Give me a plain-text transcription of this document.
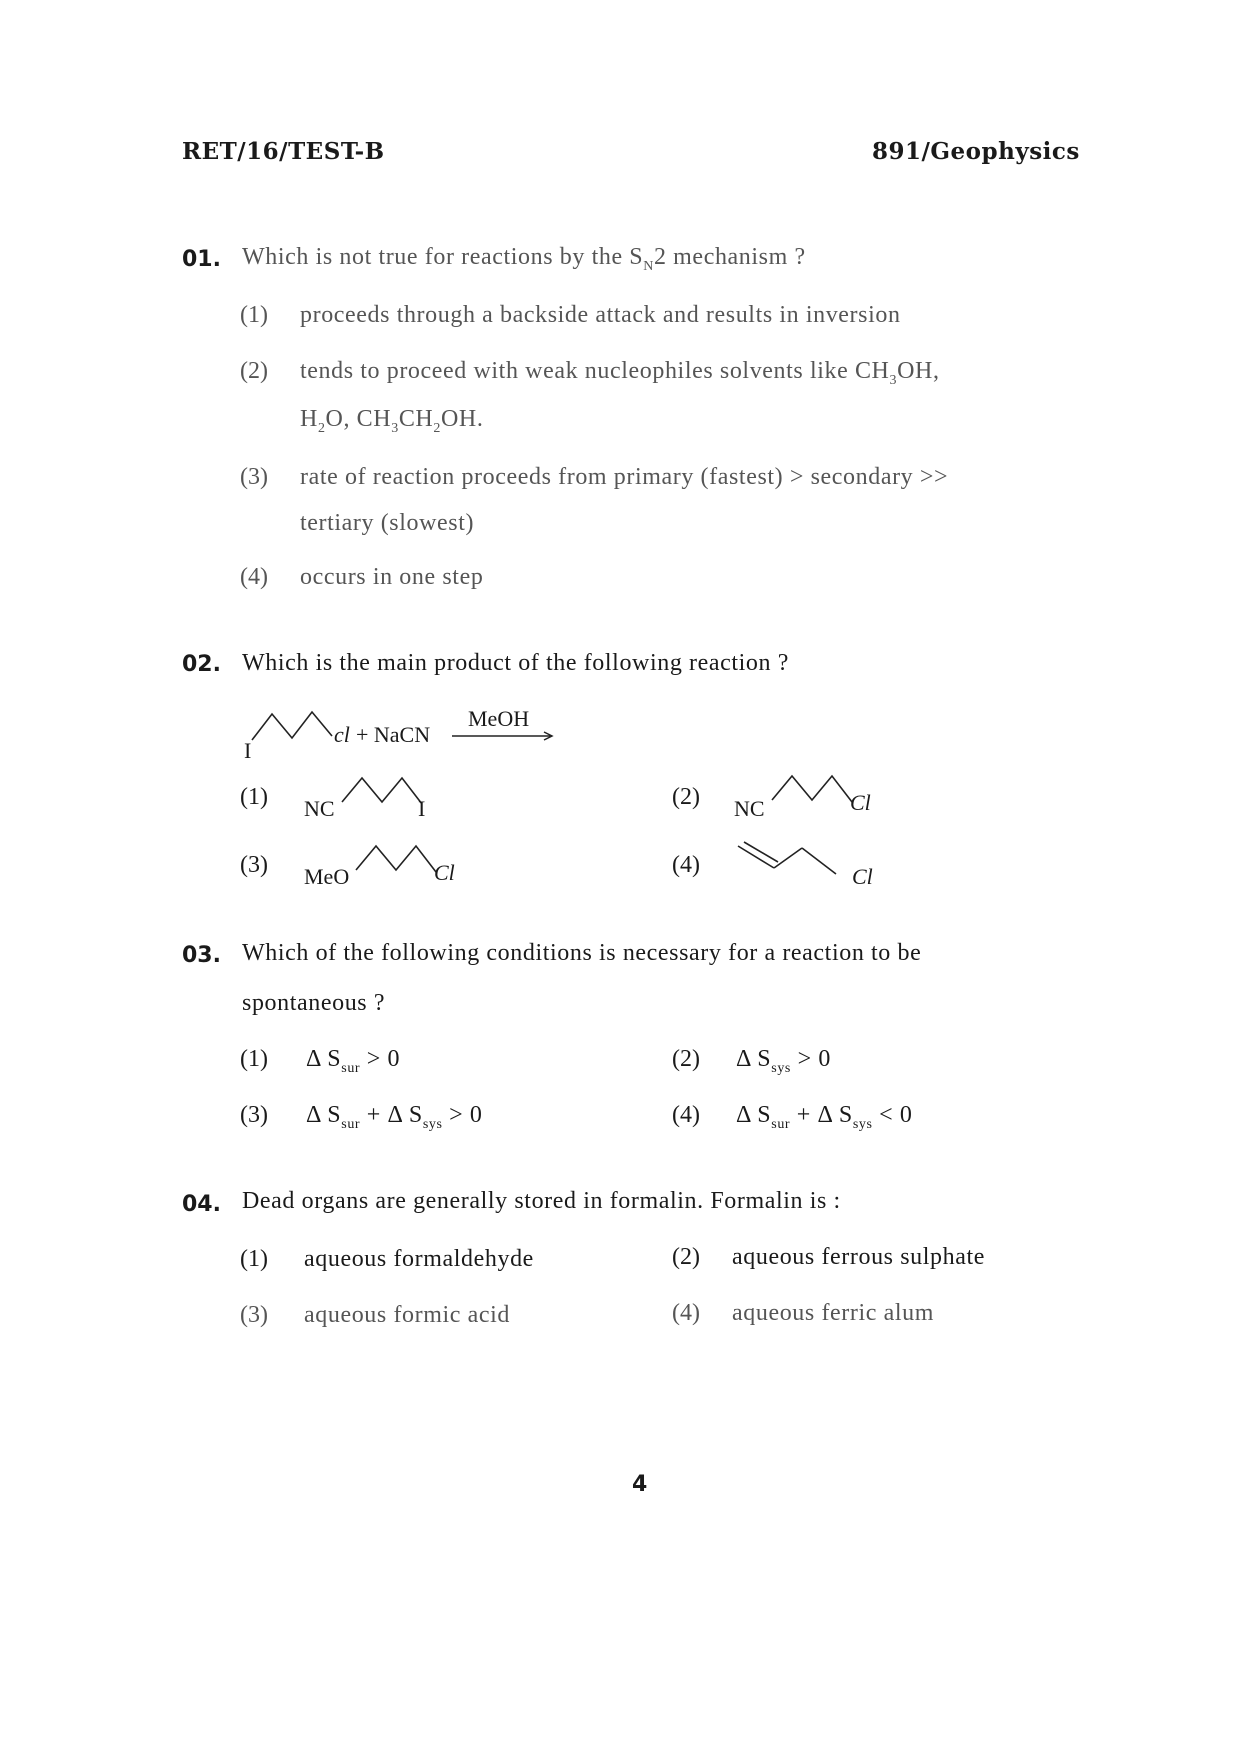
RET/16/TEST-B	891/Geophysics
01. Which is not true for reactions by the $S_N2$ mechanism ?
(1) proceeds through a backside attack and results in inversion
(2) tends to proceed with weak nucleophiles solvents like $CH_3OH$,
$H_2O$, $CH_3CH_2OH$.
(3) rate of reaction proceeds from primary (fastest) > secondary >>
tertiary (slowest)
(4) occurs in one step
02. Which is the main product of the following reaction ?
I
cl + NaCN
MeOH
(1) NC	I	(2) NC	Cl
(3) MeO	Cl	(4)	Cl
03. Which of the following conditions is necessary for a reaction to be
spontaneous ?
(1) Δ $S_{sur} > 0$	(2) Δ $S_{sys} > 0$
(3) Δ $S_{sur} + \Delta$ $S_{sys} > 0$	(4) Δ $S_{sur} + \Delta$ $S_{sys} < 0$
04. Dead organs are generally stored in formalin. Formalin is :
(1) aqueous formaldehyde	(2) aqueous ferrous sulphate
(3) aqueous formic acid	(4) aqueous ferric alum
4
